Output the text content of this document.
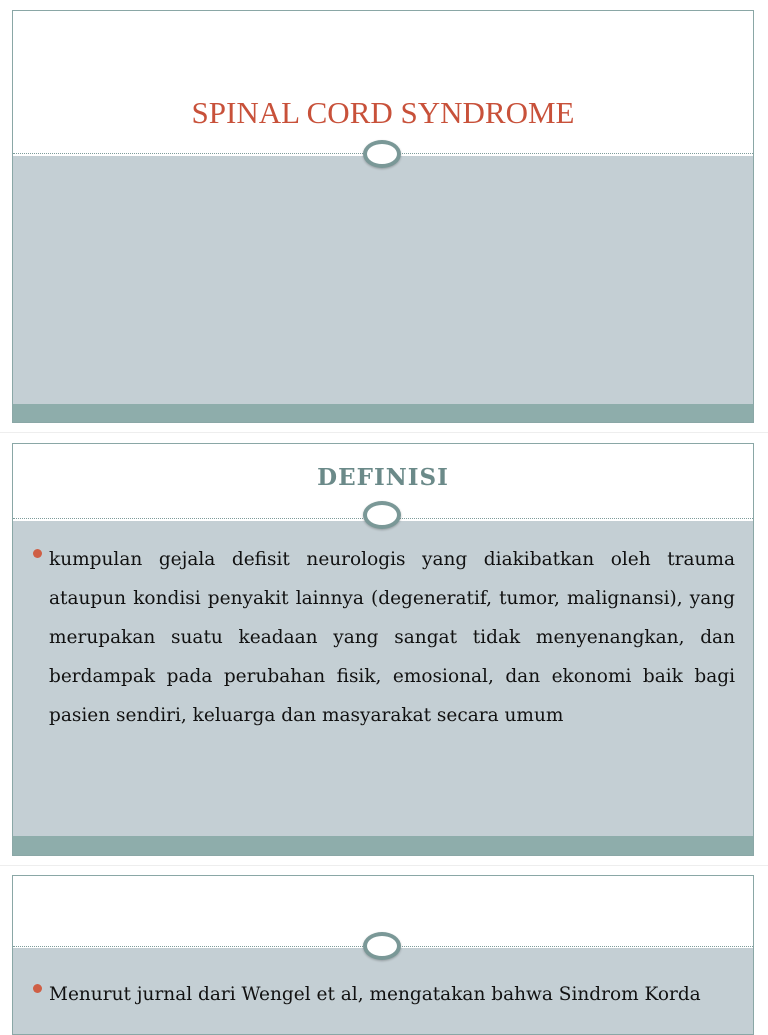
SPINAL CORD SYNDROME
DEFINISI
kumpulan gejala defisit neurologis yang diakibatkan oleh trauma ataupun kondisi penyakit lainnya (degeneratif, tumor, malignansi), yang merupakan suatu keadaan yang sangat tidak menyenangkan, dan berdampak pada perubahan fisik, emosional, dan ekonomi baik bagi pasien sendiri, keluarga dan masyarakat secara umum
Menurut jurnal dari Wengel et al, mengatakan bahwa Sindrom Korda
